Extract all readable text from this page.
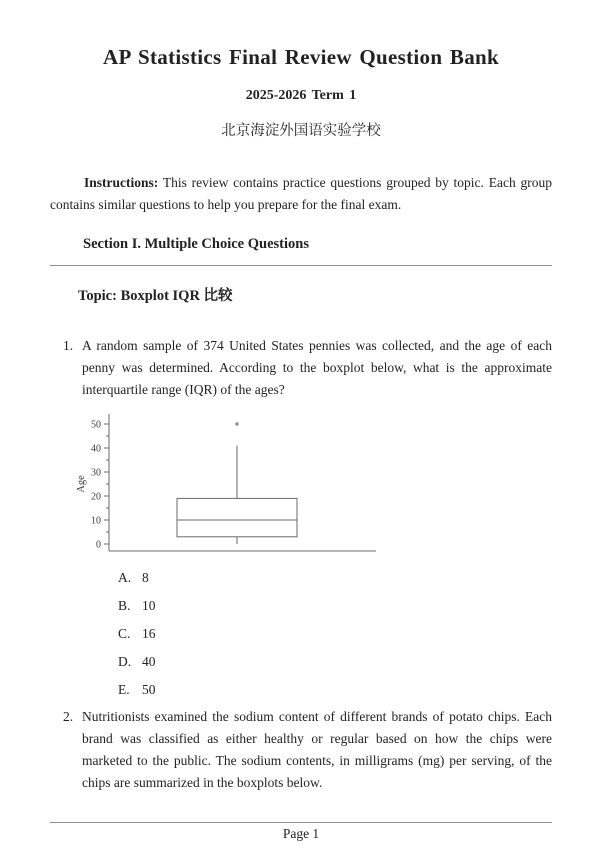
AP Statistics Final Review Question Bank
2025-2026 Term 1
北京海淀外国语实验学校

Instructions: This review contains practice questions grouped by topic. Each group contains similar questions to help you prepare for the final exam.

Section I. Multiple Choice Questions
Topic: Boxplot IQR 比较
1. A random sample of 374 United States pennies was collected, and the age of each penny was determined. According to the boxplot below, what is the approximate interquartile range (IQR) of the ages?
0
10
20
30
40
50
Age
A. 8
B. 10
C. 16
D. 40
E. 50
2. Nutritionists examined the sodium content of different brands of potato chips. Each brand was classified as either healthy or regular based on how the chips were marketed to the public. The sodium contents, in milligrams (mg) per serving, of the chips are summarized in the boxplots below.
Page 1
